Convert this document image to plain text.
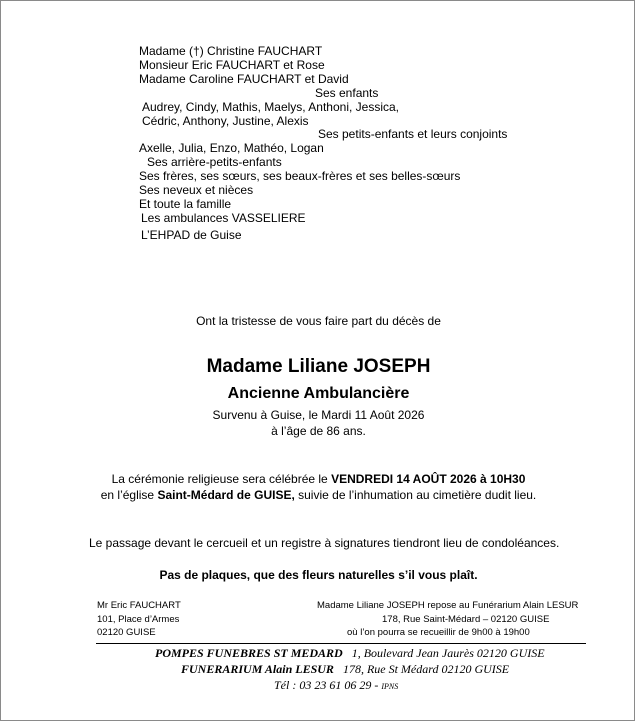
Madame (†) Christine FAUCHART
Monsieur Eric FAUCHART et Rose
Madame Caroline FAUCHART et David
Ses enfants
Audrey, Cindy, Mathis, Maelys, Anthoni, Jessica,
Cédric, Anthony, Justine, Alexis
Ses petits-enfants et leurs conjoints
Axelle, Julia, Enzo, Mathéo, Logan
Ses arrière-petits-enfants
Ses frères, ses sœurs, ses beaux-frères et ses belles-sœurs
Ses neveux et nièces
Et toute la famille
Les ambulances VASSELIERE
L’EHPAD de Guise
Ont la tristesse de vous faire part du décès de
Madame Liliane JOSEPH
Ancienne Ambulancière
Survenu à Guise, le Mardi 11 Août 2026
à l’âge de 86 ans.
La cérémonie religieuse sera célébrée le VENDREDI 14 AOÛT 2026 à 10H30
en l’église Saint-Médard de GUISE, suivie de l’inhumation au cimetière dudit lieu.
Le passage devant le cercueil et un registre à signatures tiendront lieu de condoléances.
Pas de plaques, que des fleurs naturelles s’il vous plaît.
Mr Eric FAUCHART
101, Place d’Armes
02120 GUISE
Madame Liliane JOSEPH repose au Funérarium Alain LESUR
178, Rue Saint-Médard – 02120 GUISE
où l’on pourra se recueillir de 9h00 à 19h00
POMPES FUNEBRES ST MEDARD 1, Boulevard Jean Jaurès 02120 GUISE
FUNERARIUM Alain LESUR 178, Rue St Médard 02120 GUISE
Tél : 03 23 61 06 29 - IPNS
